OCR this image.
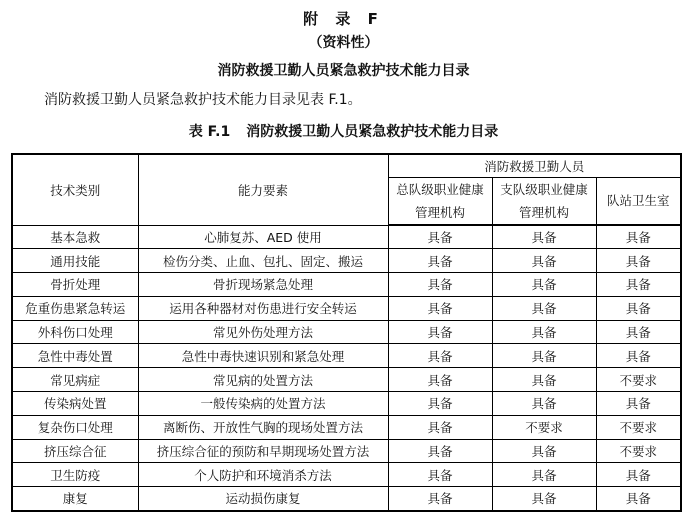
附 录 F
（资料性）
消防救援卫勤人员紧急救护技术能力目录
消防救援卫勤人员紧急救护技术能力目录见表 F.1。
表 F.1 消防救援卫勤人员紧急救护技术能力目录
技术类别	能力要素	消防救援卫勤人员		
		总队级职业健康管理机构	支队级职业健康管理机构	队站卫生室
基本急救	心肺复苏、AED 使用	具备	具备	具备
通用技能	检伤分类、止血、包扎、固定、搬运	具备	具备	具备
骨折处理	骨折现场紧急处理	具备	具备	具备
危重伤患紧急转运	运用各种器材对伤患进行安全转运	具备	具备	具备
外科伤口处理	常见外伤处理方法	具备	具备	具备
急性中毒处置	急性中毒快速识别和紧急处理	具备	具备	具备
常见病症	常见病的处置方法	具备	具备	不要求
传染病处置	一般传染病的处置方法	具备	具备	具备
复杂伤口处理	离断伤、开放性气胸的现场处置方法	具备	不要求	不要求
挤压综合征	挤压综合征的预防和早期现场处置方法	具备	具备	不要求
卫生防疫	个人防护和环境消杀方法	具备	具备	具备
康复	运动损伤康复	具备	具备	具备
